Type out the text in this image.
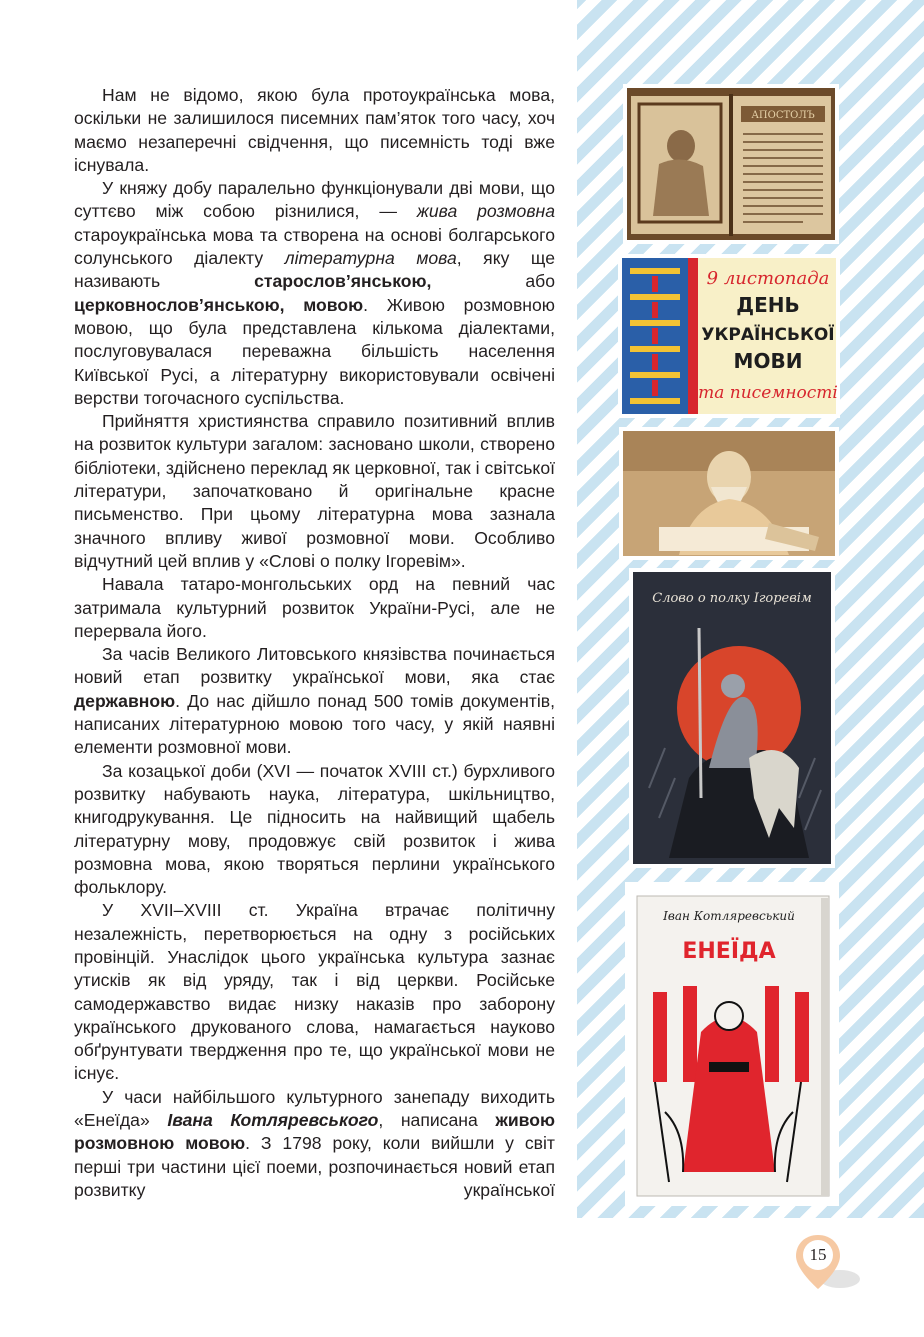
Нам не відомо, якою була протоукраїнська мова, оскільки не залишилося писемних пам’яток того часу, хоч маємо незаперечні свідчення, що писемність тоді вже існувала.

У княжу добу паралельно функціонували дві мови, що суттєво між собою різнилися, — жива розмовна староукраїнська мова та створена на основі болгарського солунського діалекту літературна мова, яку ще називають старослов’янською, або церковнослов’янською, мовою. Живою розмовною мовою, що була представлена кількома діалектами, послуговувалася переважна більшість населення Київської Русі, а літературну використовували освічені верстви тогочасного суспільства.

Прийняття християнства справило позитивний вплив на розвиток культури загалом: засновано школи, створено бібліотеки, здійснено переклад як церковної, так і світської літератури, започатковано й оригінальне красне письменство. При цьому літературна мова зазнала значного впливу живої розмовної мови. Особливо відчутний цей вплив у «Слові о полку Ігоревім».

Навала татаро-монгольських орд на певний час затримала культурний розвиток України-Русі, але не перервала його.

За часів Великого Литовського князівства починається новий етап розвитку української мови, яка стає державною. До нас дійшло понад 500 томів документів, написаних літературною мовою того часу, у якій наявні елементи розмовної мови.

За козацької доби (XVI — початок XVIII ст.) бурхливого розвитку набувають наука, література, шкільництво, книгодрукування. Це підносить на найвищий щабель літературну мову, продовжує свій розвиток і жива розмовна мова, якою творяться перлини українського фольклору.

У XVII–XVIII ст. Україна втрачає політичну незалежність, перетворюється на одну з російських провінцій. Унаслідок цього українська культура зазнає утисків як від уряду, так і від церкви. Російське самодержавство видає низку наказів про заборону українського друкованого слова, намагається науково обґрунтувати твердження про те, що української мови не існує.

У часи найбільшого культурного занепаду виходить «Енеїда» Івана Котляревського, написана живою розмовною мовою. З 1798 року, коли вийшли у світ перші три частини цієї поеми, розпочинається новий етап розвитку української

АПОСТОЛЪ
9 листопада
ДЕНЬ
УКРАЇНСЬКОЇ
МОВИ
та писемності
Слово о полку Ігоревім
Іван Котляревський
ЕНЕЇДА
15
